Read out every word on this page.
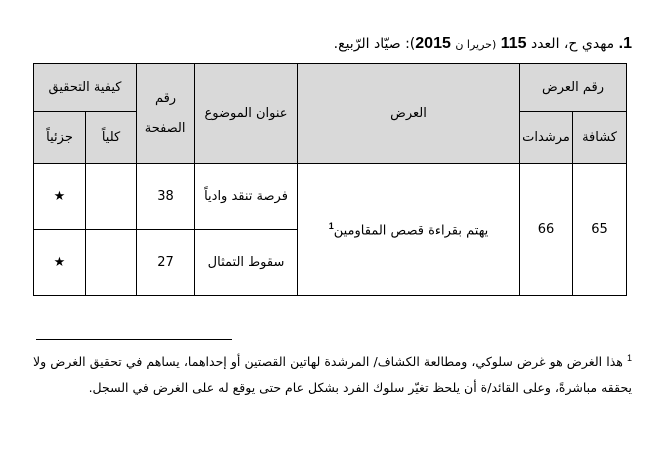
1. مهدي ح، العدد 115 (حريرا ن 2015): صيّاد الرّبيع.
رقم العرض		العرض	عنوان الموضوع	رقم الصفحة	كيفية التحقيق	
كشافة	مرشدات				كلياً	جزئياً
65	66	يهتم بقراءة قصص المقاومين$^1$	فرصة تنقد وادياً	38		★
			سقوط التمثال	27		★
$^1$ هذا الغرض هو غرض سلوكي، ومطالعة الكشاف/ المرشدة لهاتين القصتين أو إحداهما، يساهم في تحقيق الغرض ولا يحققه مباشرةً، وعلى القائد/ة أن يلحظ تغيّر سلوك الفرد بشكل عام حتى يوقع له على الغرض في السجل.
